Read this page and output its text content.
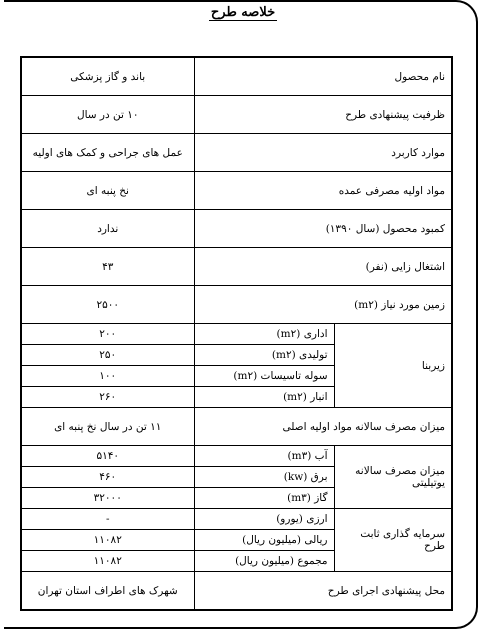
خلاصه طرح
نام محصول		باند و گاز پزشکی
ظرفیت پیشنهادی طرح		۱۰ تن در سال
موارد کاربرد		عمل های جراحی و کمک های اولیه
مواد اولیه مصرفی عمده		نخ پنبه ای
کمبود محصول (سال ۱۳۹۰)		ندارد
اشتغال زایی (نفر)		۴۳
زمین مورد نیاز (m۲)		۲۵۰۰
زیربنا	اداری (m۲)	۲۰۰
	تولیدی (m۲)	۲۵۰
	سوله تاسیسات (m۲)	۱۰۰
	انبار (m۲)	۲۶۰
میزان مصرف سالانه مواد اولیه اصلی		۱۱ تن در سال نخ پنبه ای
میزان مصرف سالانه یوتیلیتی	آب (m۳)	۵۱۴۰
	برق (kw)	۴۶۰
	گاز (m۳)	۳۲۰۰۰
سرمایه گذاری ثابت طرح	ارزی (یورو)	-
	ریالی (میلیون ریال)	۱۱۰۸۲
	مجموع (میلیون ریال)	۱۱۰۸۲
محل پیشنهادی اجرای طرح		شهرک های اطراف استان تهران
